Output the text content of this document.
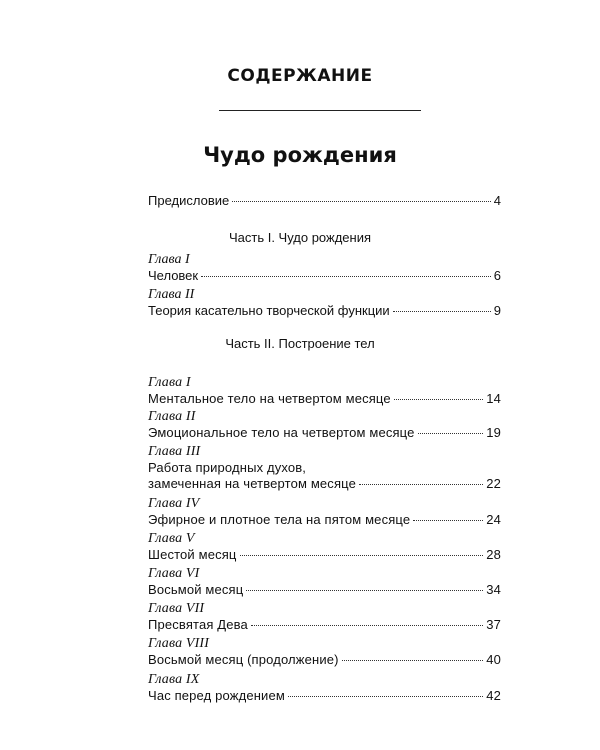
СОДЕРЖАНИЕ
Чудо рождения
Предисловие	4
Часть I. Чудо рождения
Глава I
Человек	6
Глава II
Теория касательно творческой функции	9
Часть II. Построение тел
Глава I
Ментальное тело на четвертом месяце	14
Глава II
Эмоциональное тело на четвертом месяце	19
Глава III
Работа природных духов,
замеченная на четвертом месяце	22
Глава IV
Эфирное и плотное тела на пятом месяце	24
Глава V
Шестой месяц	28
Глава VI
Восьмой месяц	34
Глава VII
Пресвятая Дева	37
Глава VIII
Восьмой месяц (продолжение)	40
Глава IX
Час перед рождением	42
